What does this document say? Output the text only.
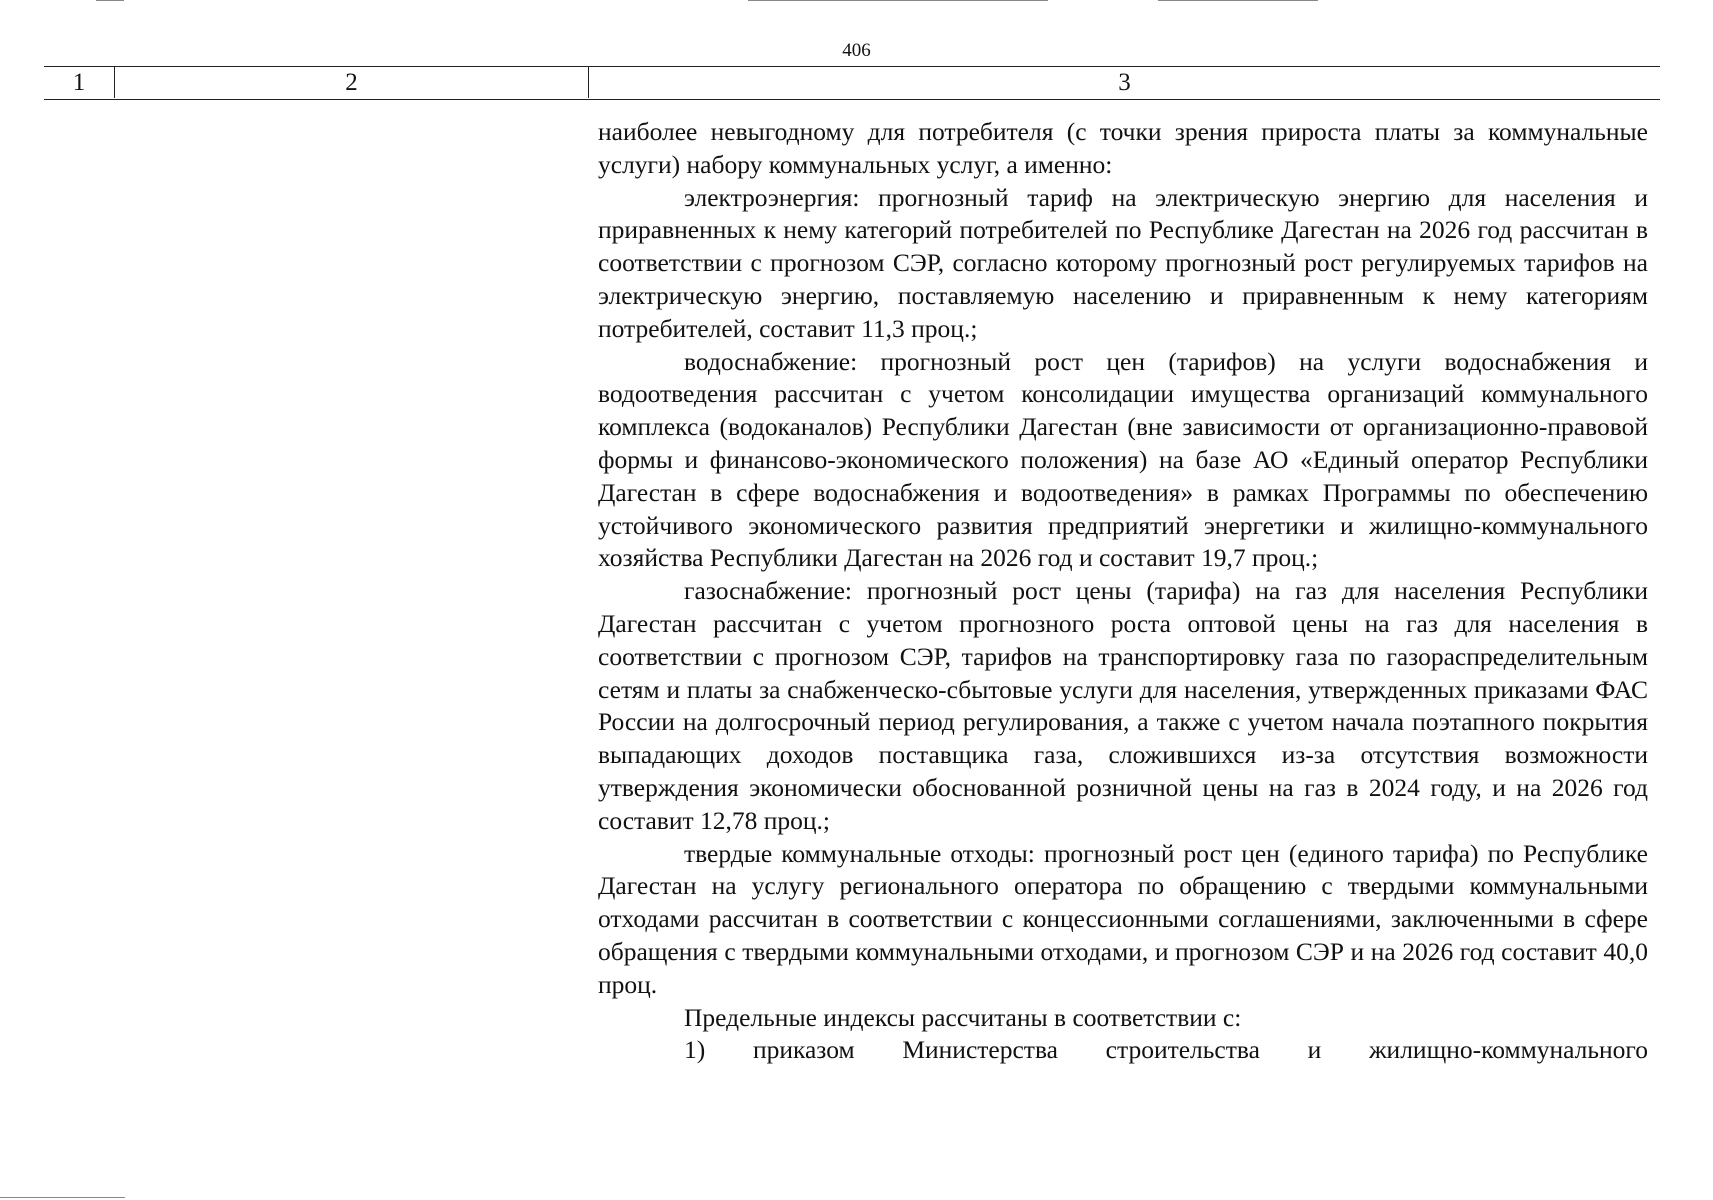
406
1	2	3

наиболее невыгодному для потребителя (с точки зрения прироста платы за коммунальные услуги) набору коммунальных услуг, а именно:

электроэнергия: прогнозный тариф на электрическую энергию для населения и приравненных к нему категорий потребителей по Республике Дагестан на 2026 год рассчитан в соответствии с прогнозом СЭР, согласно которому прогнозный рост регулируемых тарифов на электрическую энергию, поставляемую населению и приравненным к нему категориям потребителей, составит 11,3 проц.;

водоснабжение: прогнозный рост цен (тарифов) на услуги водоснабжения и водоотведения рассчитан с учетом консолидации имущества организаций коммунального комплекса (водоканалов) Республики Дагестан (вне зависимости от организационно-правовой формы и финансово-экономического положения) на базе АО «Единый оператор Республики Дагестан в сфере водоснабжения и водоотведения» в рамках Программы по обеспечению устойчивого экономического развития предприятий энергетики и жилищно-коммунального хозяйства Республики Дагестан на 2026 год и составит 19,7 проц.;

газоснабжение: прогнозный рост цены (тарифа) на газ для населения Республики Дагестан рассчитан с учетом прогнозного роста оптовой цены на газ для населения в соответствии с прогнозом СЭР, тарифов на транспортировку газа по газораспределительным сетям и платы за снабженческо-сбытовые услуги для населения, утвержденных приказами ФАС России на долгосрочный период регулирования, а также с учетом начала поэтапного покрытия выпадающих доходов поставщика газа, сложившихся из-за отсутствия возможности утверждения экономически обоснованной розничной цены на газ в 2024 году, и на 2026 год составит 12,78 проц.;

твердые коммунальные отходы: прогнозный рост цен (единого тарифа) по Республике Дагестан на услугу регионального оператора по обращению с твердыми коммунальными отходами рассчитан в соответствии с концессионными соглашениями, заключенными в сфере обращения с твердыми коммунальными отходами, и прогнозом СЭР и на 2026 год составит 40,0 проц.

Предельные индексы рассчитаны в соответствии с:

1) приказом Министерства строительства и жилищно-коммунального
